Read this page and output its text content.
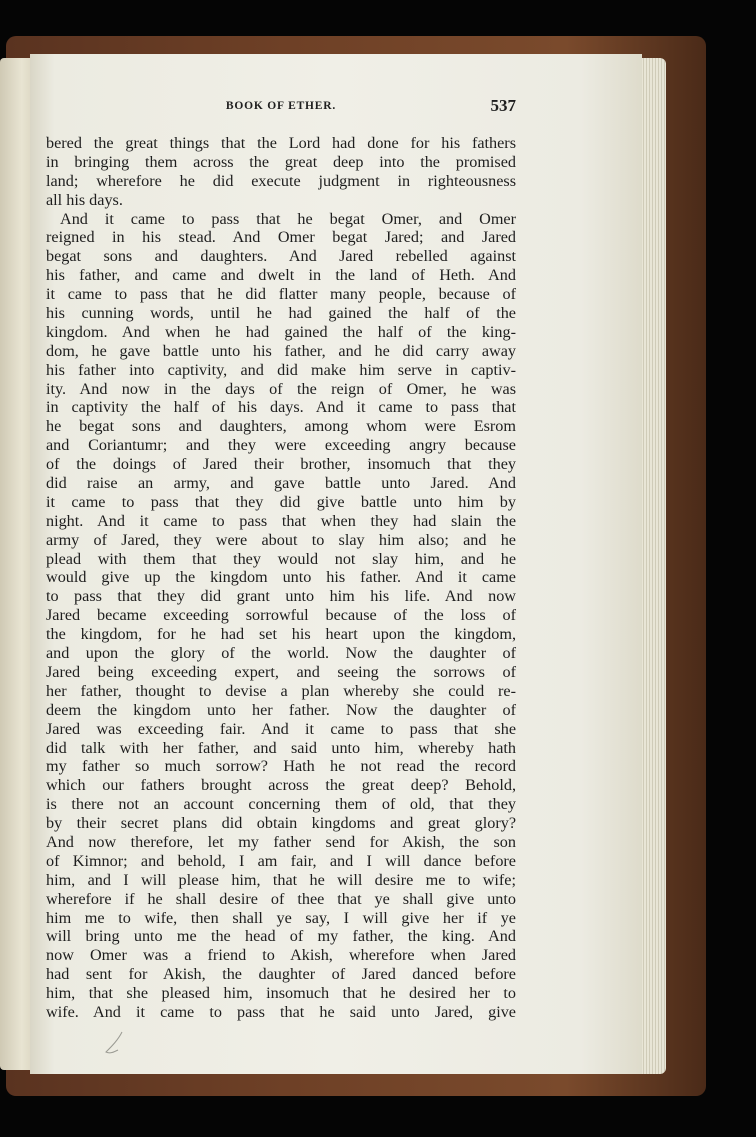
BOOK OF ETHER.	537
bered the great things that the Lord had done for his fathers
in bringing them across the great deep into the promised
land; wherefore he did execute judgment in righteousness
all his days.
And it came to pass that he begat Omer, and Omer
reigned in his stead. And Omer begat Jared; and Jared
begat sons and daughters. And Jared rebelled against
his father, and came and dwelt in the land of Heth. And
it came to pass that he did flatter many people, because of
his cunning words, until he had gained the half of the
kingdom. And when he had gained the half of the king-
dom, he gave battle unto his father, and he did carry away
his father into captivity, and did make him serve in captiv-
ity. And now in the days of the reign of Omer, he was
in captivity the half of his days. And it came to pass that
he begat sons and daughters, among whom were Esrom
and Coriantumr; and they were exceeding angry because
of the doings of Jared their brother, insomuch that they
did raise an army, and gave battle unto Jared. And
it came to pass that they did give battle unto him by
night. And it came to pass that when they had slain the
army of Jared, they were about to slay him also; and he
plead with them that they would not slay him, and he
would give up the kingdom unto his father. And it came
to pass that they did grant unto him his life. And now
Jared became exceeding sorrowful because of the loss of
the kingdom, for he had set his heart upon the kingdom,
and upon the glory of the world. Now the daughter of
Jared being exceeding expert, and seeing the sorrows of
her father, thought to devise a plan whereby she could re-
deem the kingdom unto her father. Now the daughter of
Jared was exceeding fair. And it came to pass that she
did talk with her father, and said unto him, whereby hath
my father so much sorrow? Hath he not read the record
which our fathers brought across the great deep? Behold,
is there not an account concerning them of old, that they
by their secret plans did obtain kingdoms and great glory?
And now therefore, let my father send for Akish, the son
of Kimnor; and behold, I am fair, and I will dance before
him, and I will please him, that he will desire me to wife;
wherefore if he shall desire of thee that ye shall give unto
him me to wife, then shall ye say, I will give her if ye
will bring unto me the head of my father, the king. And
now Omer was a friend to Akish, wherefore when Jared
had sent for Akish, the daughter of Jared danced before
him, that she pleased him, insomuch that he desired her to
wife. And it came to pass that he said unto Jared, give
